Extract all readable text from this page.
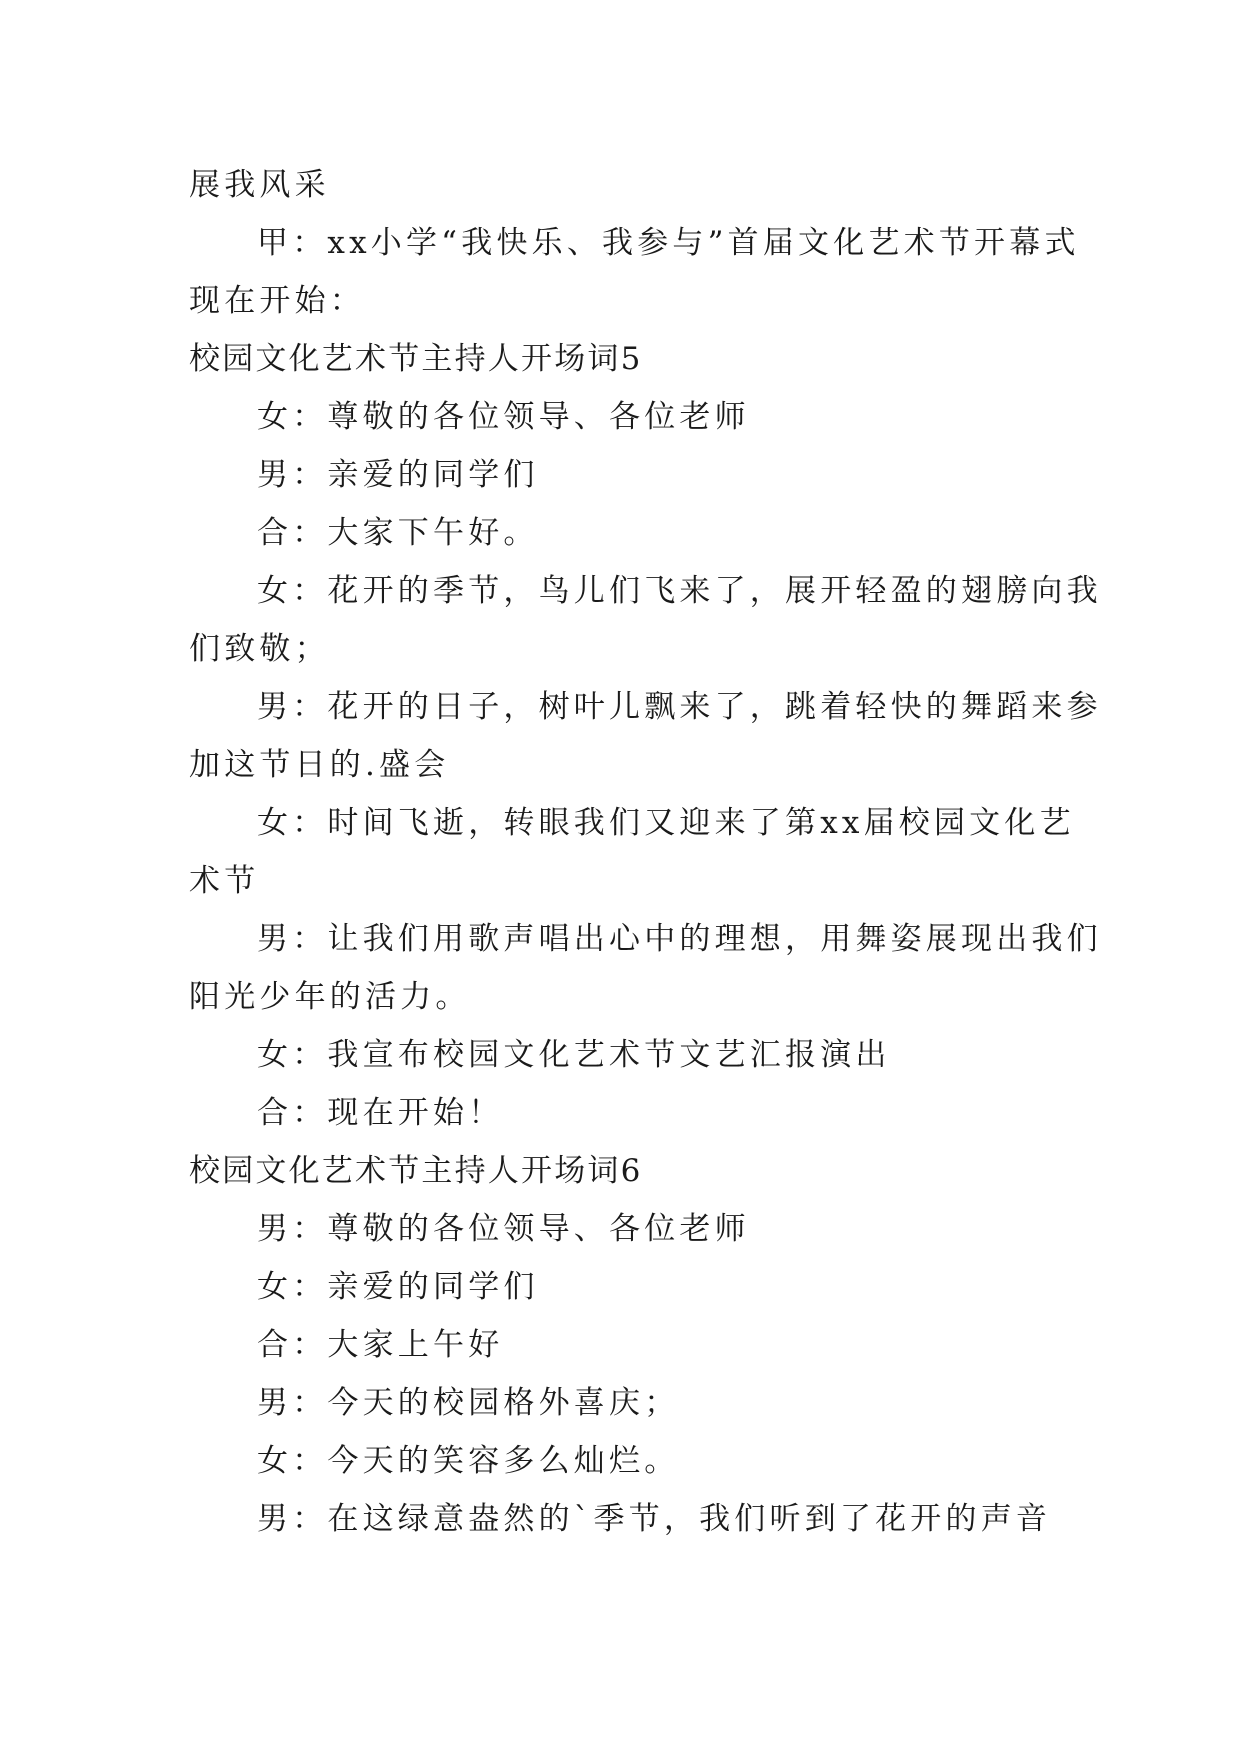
展我风采
甲：xx小学“我快乐、我参与”首届文化艺术节开幕式
现在开始：
校园文化艺术节主持人开场词5
女：尊敬的各位领导、各位老师
男：亲爱的同学们
合：大家下午好。
女：花开的季节，鸟儿们飞来了，展开轻盈的翅膀向我
们致敬；
男：花开的日子，树叶儿飘来了，跳着轻快的舞蹈来参
加这节日的.盛会
女：时间飞逝，转眼我们又迎来了第xx届校园文化艺
术节
男：让我们用歌声唱出心中的理想，用舞姿展现出我们
阳光少年的活力。
女：我宣布校园文化艺术节文艺汇报演出
合：现在开始！
校园文化艺术节主持人开场词6
男：尊敬的各位领导、各位老师
女：亲爱的同学们
合：大家上午好
男：今天的校园格外喜庆；
女：今天的笑容多么灿烂。
男：在这绿意盎然的`季节，我们听到了花开的声音
